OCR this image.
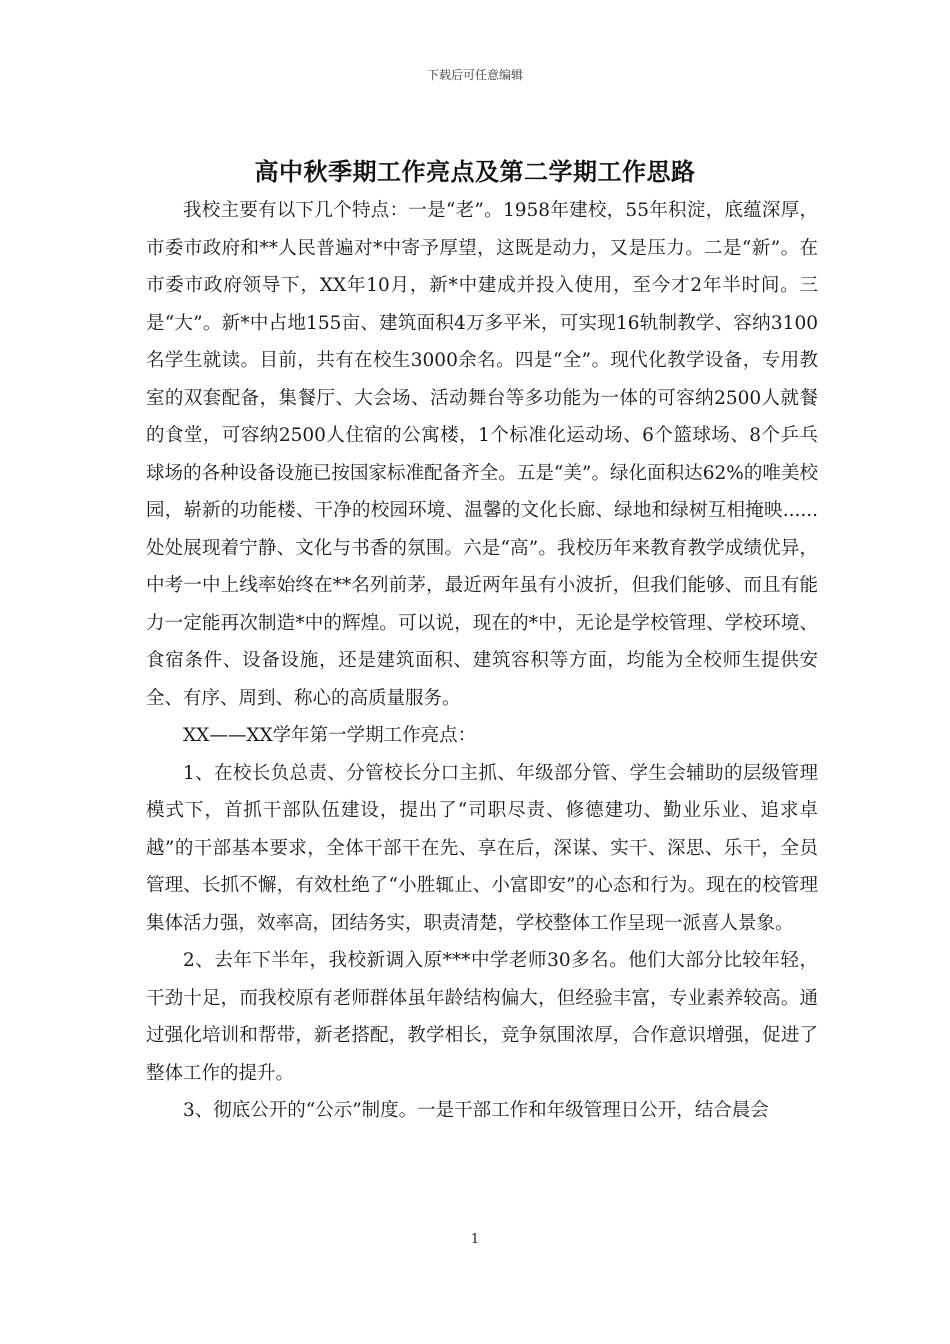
下载后可任意编辑
高中秋季期工作亮点及第二学期工作思路

我校主要有以下几个特点：一是“老”。1958年建校，55年积淀，底蕴深厚，市委市政府和**人民普遍对*中寄予厚望，这既是动力，又是压力。二是“新”。在市委市政府领导下，XX年10月，新*中建成并投入使用，至今才2年半时间。三是“大”。新*中占地155亩、建筑面积4万多平米，可实现16轨制教学、容纳3100名学生就读。目前，共有在校生3000余名。四是“全”。现代化教学设备，专用教室的双套配备，集餐厅、大会场、活动舞台等多功能为一体的可容纳2500人就餐的食堂，可容纳2500人住宿的公寓楼，1个标准化运动场、6个篮球场、8个乒乓球场的各种设备设施已按国家标准配备齐全。五是“美”。绿化面积达62%的唯美校园，崭新的功能楼、干净的校园环境、温馨的文化长廊、绿地和绿树互相掩映......处处展现着宁静、文化与书香的氛围。六是“高”。我校历年来教育教学成绩优异，中考一中上线率始终在**名列前茅，最近两年虽有小波折，但我们能够、而且有能力一定能再次制造*中的辉煌。可以说，现在的*中，无论是学校管理、学校环境、食宿条件、设备设施，还是建筑面积、建筑容积等方面，均能为全校师生提供安全、有序、周到、称心的高质量服务。

XX——XX学年第一学期工作亮点：

1、在校长负总责、分管校长分口主抓、年级部分管、学生会辅助的层级管理模式下，首抓干部队伍建设，提出了“司职尽责、修德建功、勤业乐业、追求卓越”的干部基本要求，全体干部干在先、享在后，深谋、实干、深思、乐干，全员管理、长抓不懈，有效杜绝了“小胜辄止、小富即安”的心态和行为。现在的校管理集体活力强，效率高，团结务实，职责清楚，学校整体工作呈现一派喜人景象。

2、去年下半年，我校新调入原***中学老师30多名。他们大部分比较年轻，干劲十足，而我校原有老师群体虽年龄结构偏大，但经验丰富，专业素养较高。通过强化培训和帮带，新老搭配，教学相长，竞争氛围浓厚，合作意识增强，促进了整体工作的提升。

3、彻底公开的“公示”制度。一是干部工作和年级管理日公开，结合晨会

1
